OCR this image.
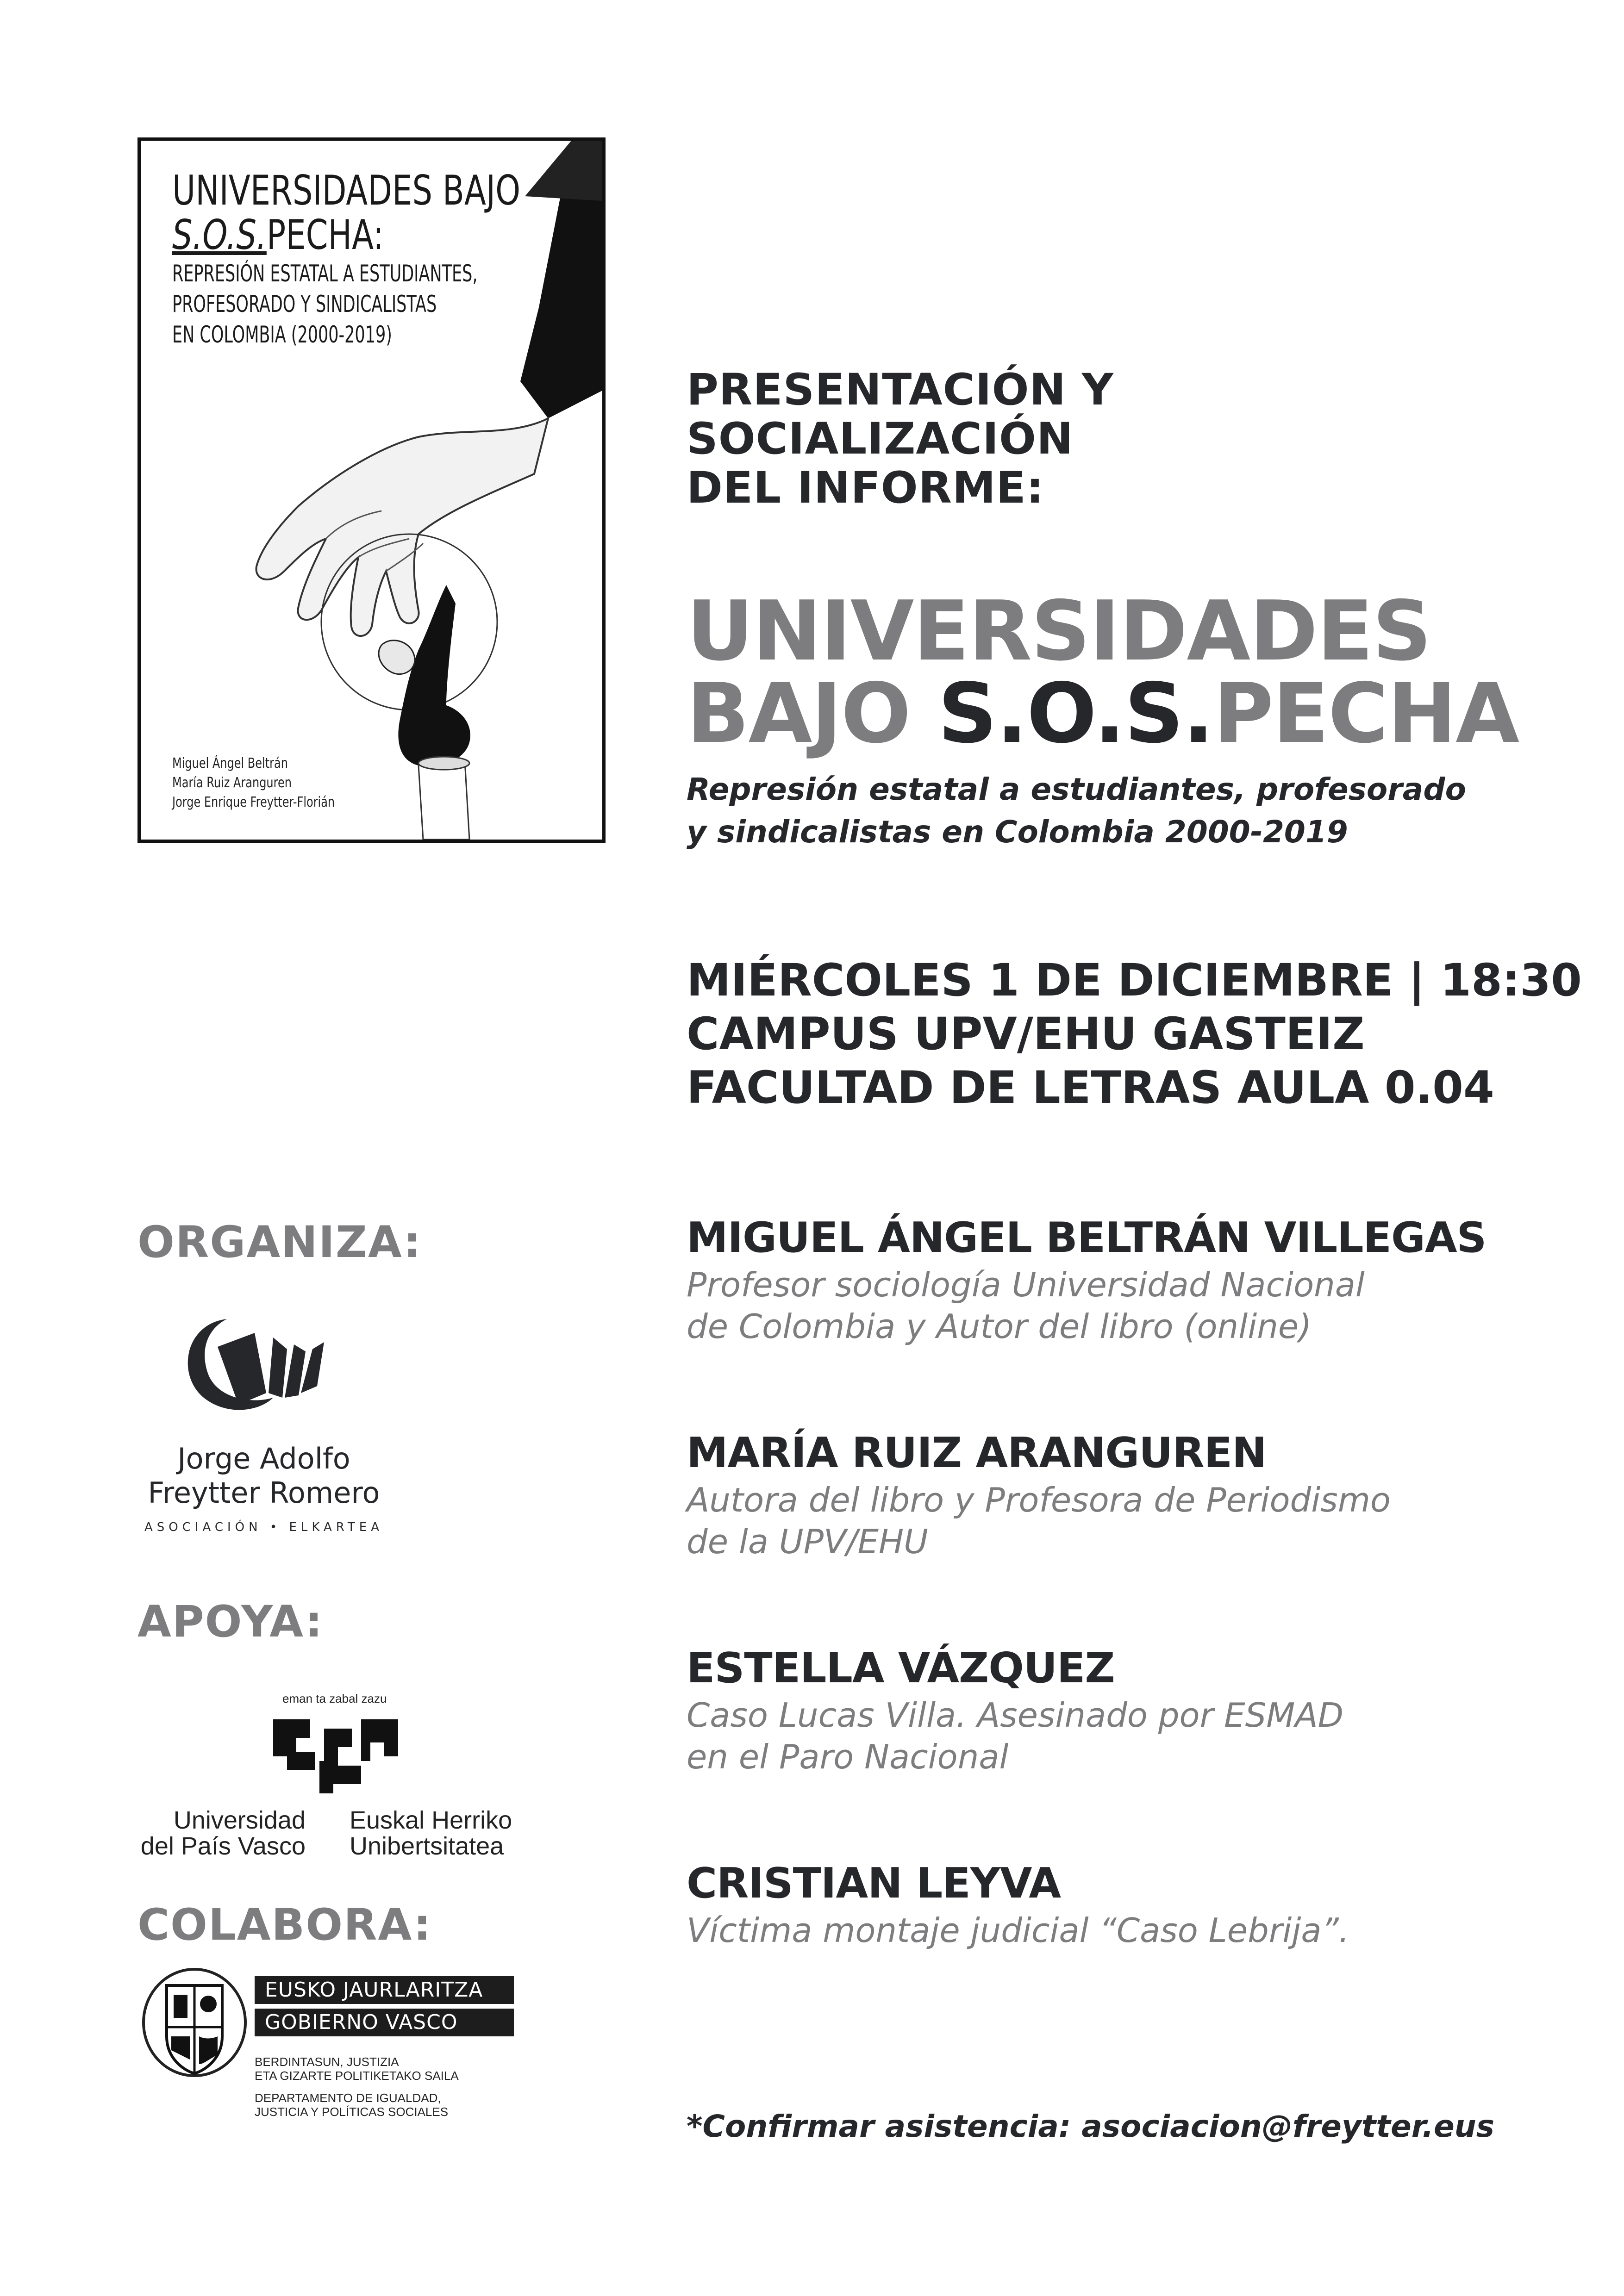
UNIVERSIDADES BAJO
S.O.S.PECHA:
REPRESIÓN ESTATAL A ESTUDIANTES,
PROFESORADO Y SINDICALISTAS
EN COLOMBIA (2000-2019)
Miguel Ángel Beltrán
María Ruiz Aranguren
Jorge Enrique Freytter-Florián
PRESENTACIÓN Y
SOCIALIZACIÓN
DEL INFORME:
UNIVERSIDADES
BAJO S.O.S.PECHA
Represión estatal a estudiantes, profesorado
y sindicalistas en Colombia 2000-2019
MIÉRCOLES 1 DE DICIEMBRE | 18:30
CAMPUS UPV/EHU GASTEIZ
FACULTAD DE LETRAS AULA 0.04
MIGUEL ÁNGEL BELTRÁN VILLEGAS
Profesor sociología Universidad Nacional
de Colombia y Autor del libro (online)
MARÍA RUIZ ARANGUREN
Autora del libro y Profesora de Periodismo
de la UPV/EHU
ESTELLA VÁZQUEZ
Caso Lucas Villa. Asesinado por ESMAD
en el Paro Nacional
CRISTIAN LEYVA
Víctima montaje judicial “Caso Lebrija”.
ORGANIZA:
Jorge Adolfo
Freytter Romero
ASOCIACIÓN • ELKARTEA
APOYA:
eman ta zabal zazu
Universidad
del País Vasco
Euskal Herriko
Unibertsitatea
COLABORA:
EUSKO JAURLARITZA
GOBIERNO VASCO
BERDINTASUN, JUSTIZIA
ETA GIZARTE POLITIKETAKO SAILA
DEPARTAMENTO DE IGUALDAD,
JUSTICIA Y POLÍTICAS SOCIALES	*Confirmar asistencia: asociacion@freytter.eus
